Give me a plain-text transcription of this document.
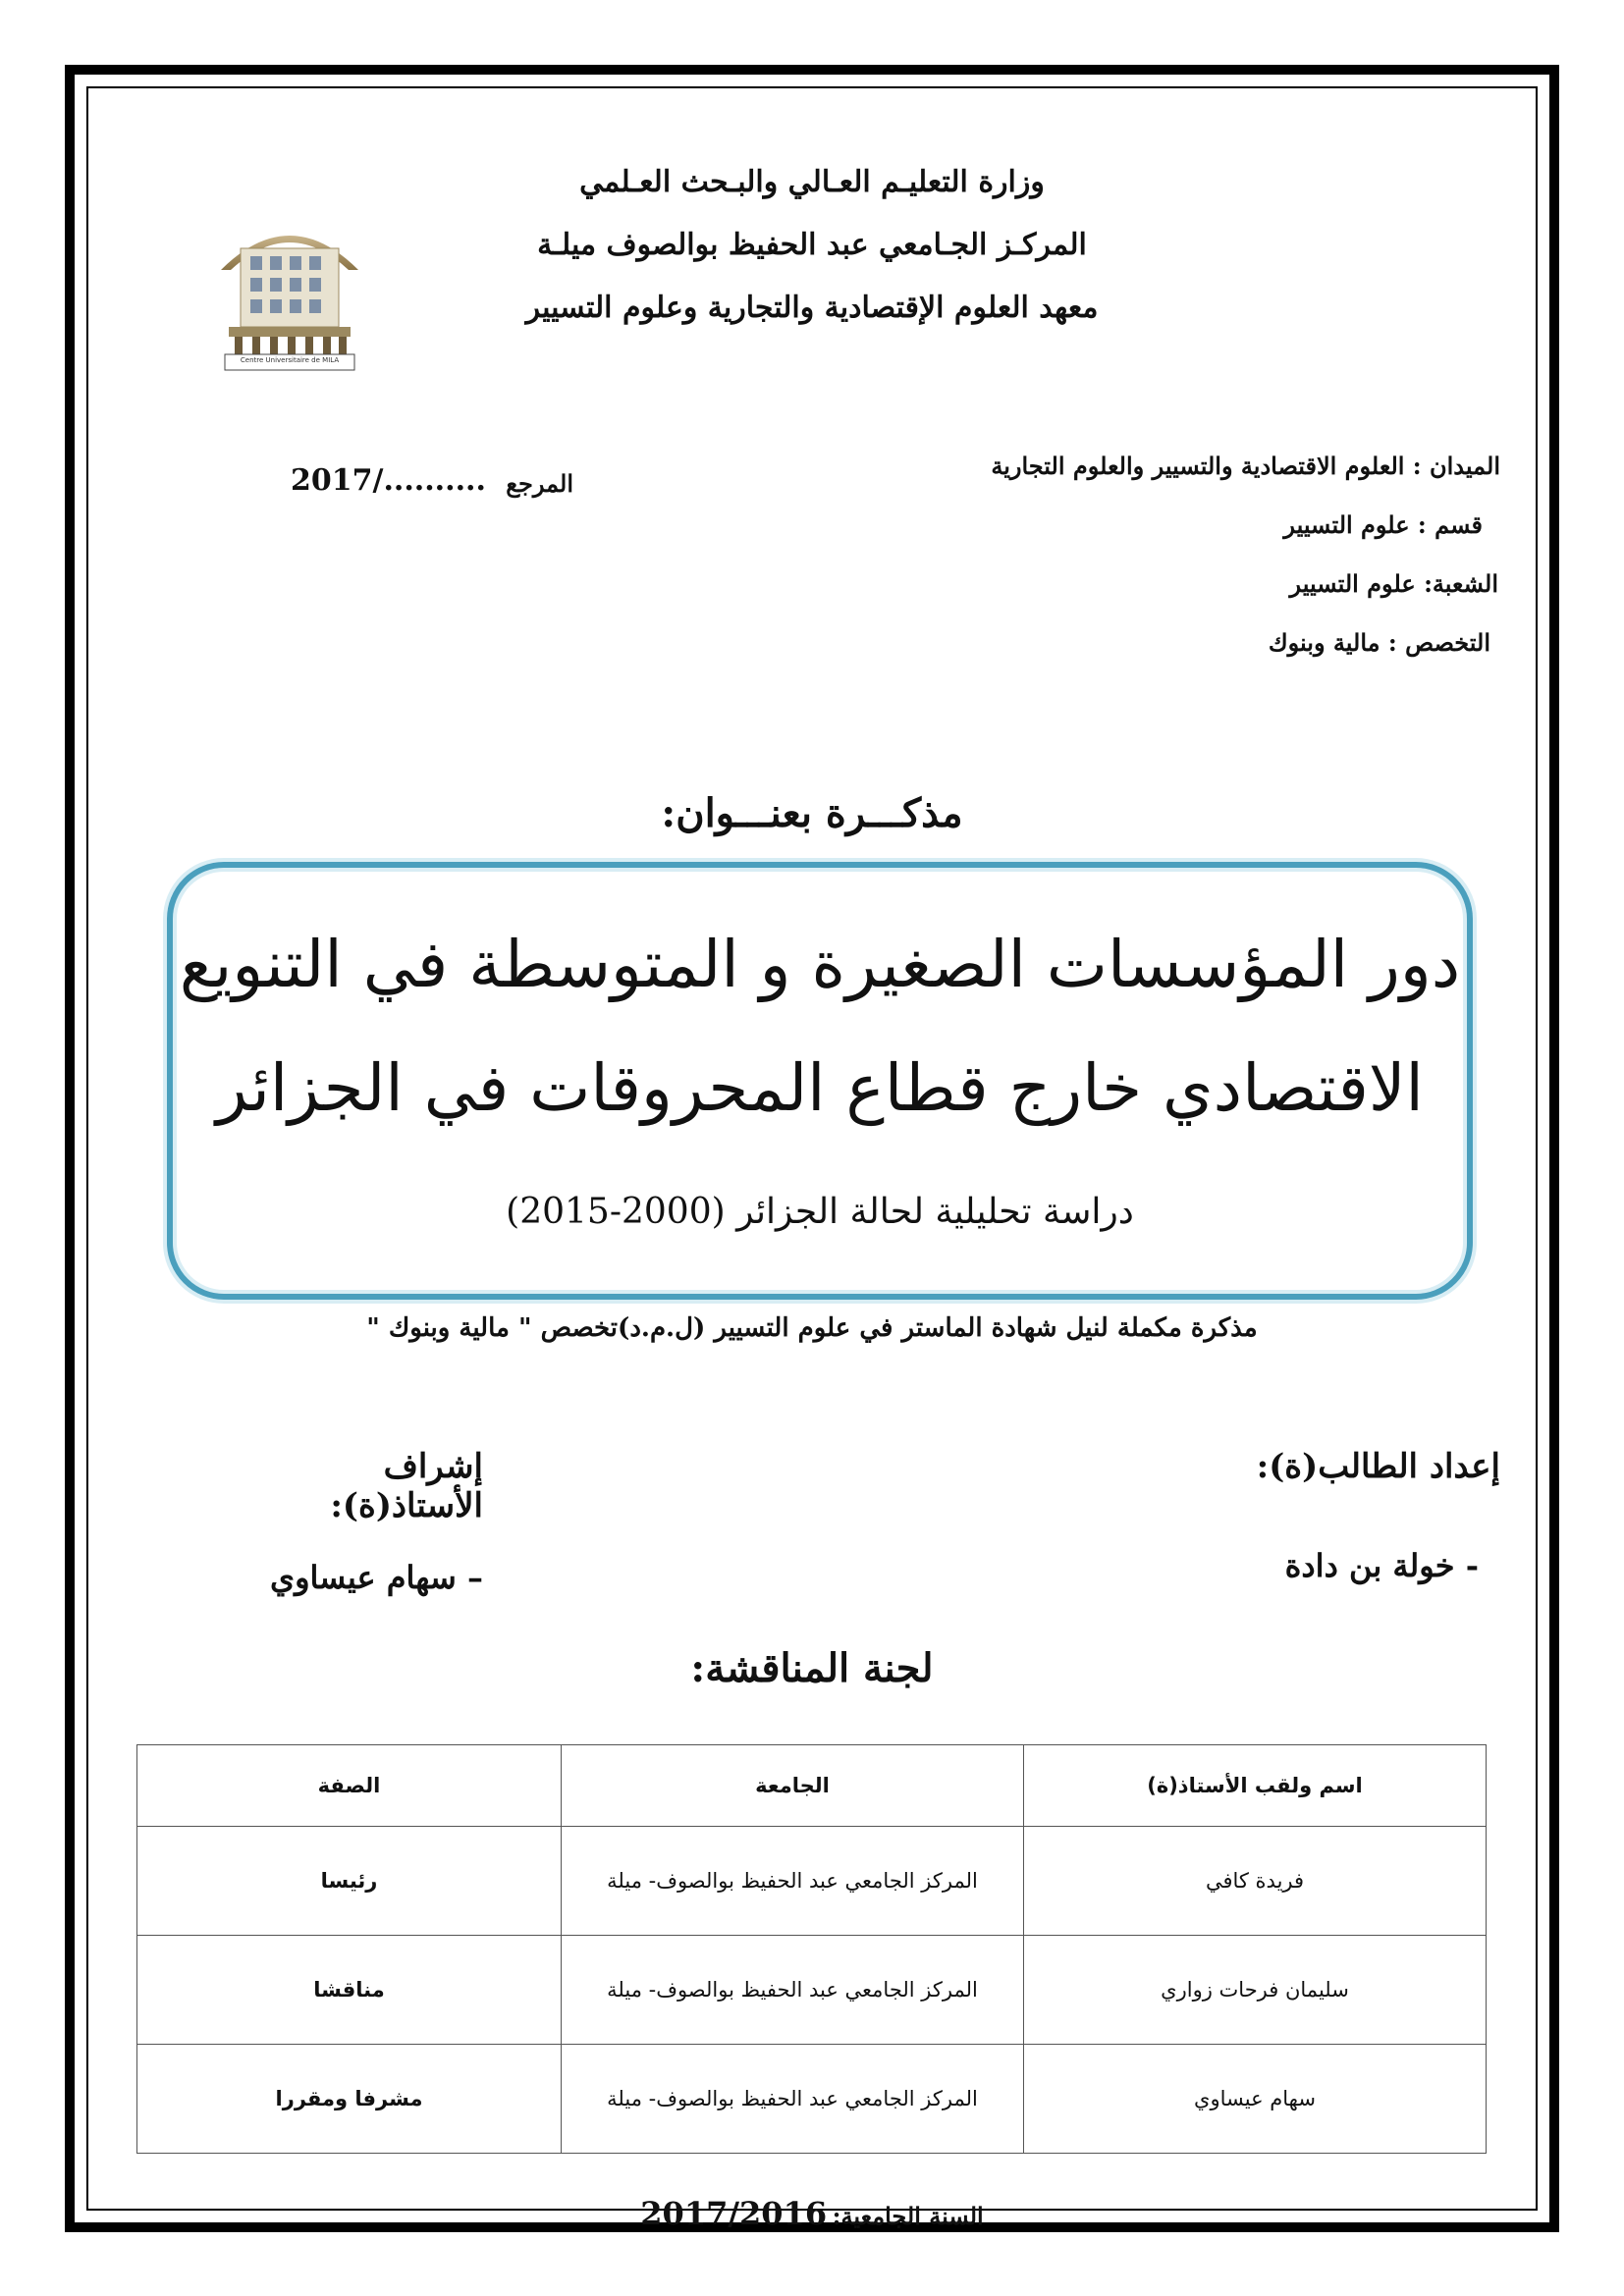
وزارة التعليـم العـالي والبـحث العـلمي
المركـز الجـامعي عبد الحفيظ بوالصوف ميلـة
معهد العلوم الإقتصادية والتجارية وعلوم التسيير
Centre Universitaire de MILA
2017/.......... المرجع
الميدان : العلوم الاقتصادية والتسيير والعلوم التجارية
قسم : علوم التسيير
الشعبة: علوم التسيير
التخصص : مالية وبنوك
مذكـــرة بعنـــوان:
دور المؤسسات الصغيرة و المتوسطة في التنويع
الاقتصادي خارج قطاع المحروقات في الجزائر
دراسة تحليلية لحالة الجزائر (2000-2015)
مذكرة مكملة لنيل شهادة الماستر في علوم التسيير (ل.م.د)تخصص " مالية وبنوك "
إعداد الطالب(ة):
إشراف الأستاذ(ة):
- خولة بن دادة
– سهام عيساوي
لجنة المناقشة:
اسم ولقب الأستاذ(ة)	الجامعة	الصفة
فريدة كافي	المركز الجامعي عبد الحفيظ بوالصوف- ميلة	رئيسا
سليمان فرحات زواري	المركز الجامعي عبد الحفيظ بوالصوف- ميلة	مناقشا
سهام عيساوي	المركز الجامعي عبد الحفيظ بوالصوف- ميلة	مشرفا ومقررا
السنة الجامعية: 2017/2016
